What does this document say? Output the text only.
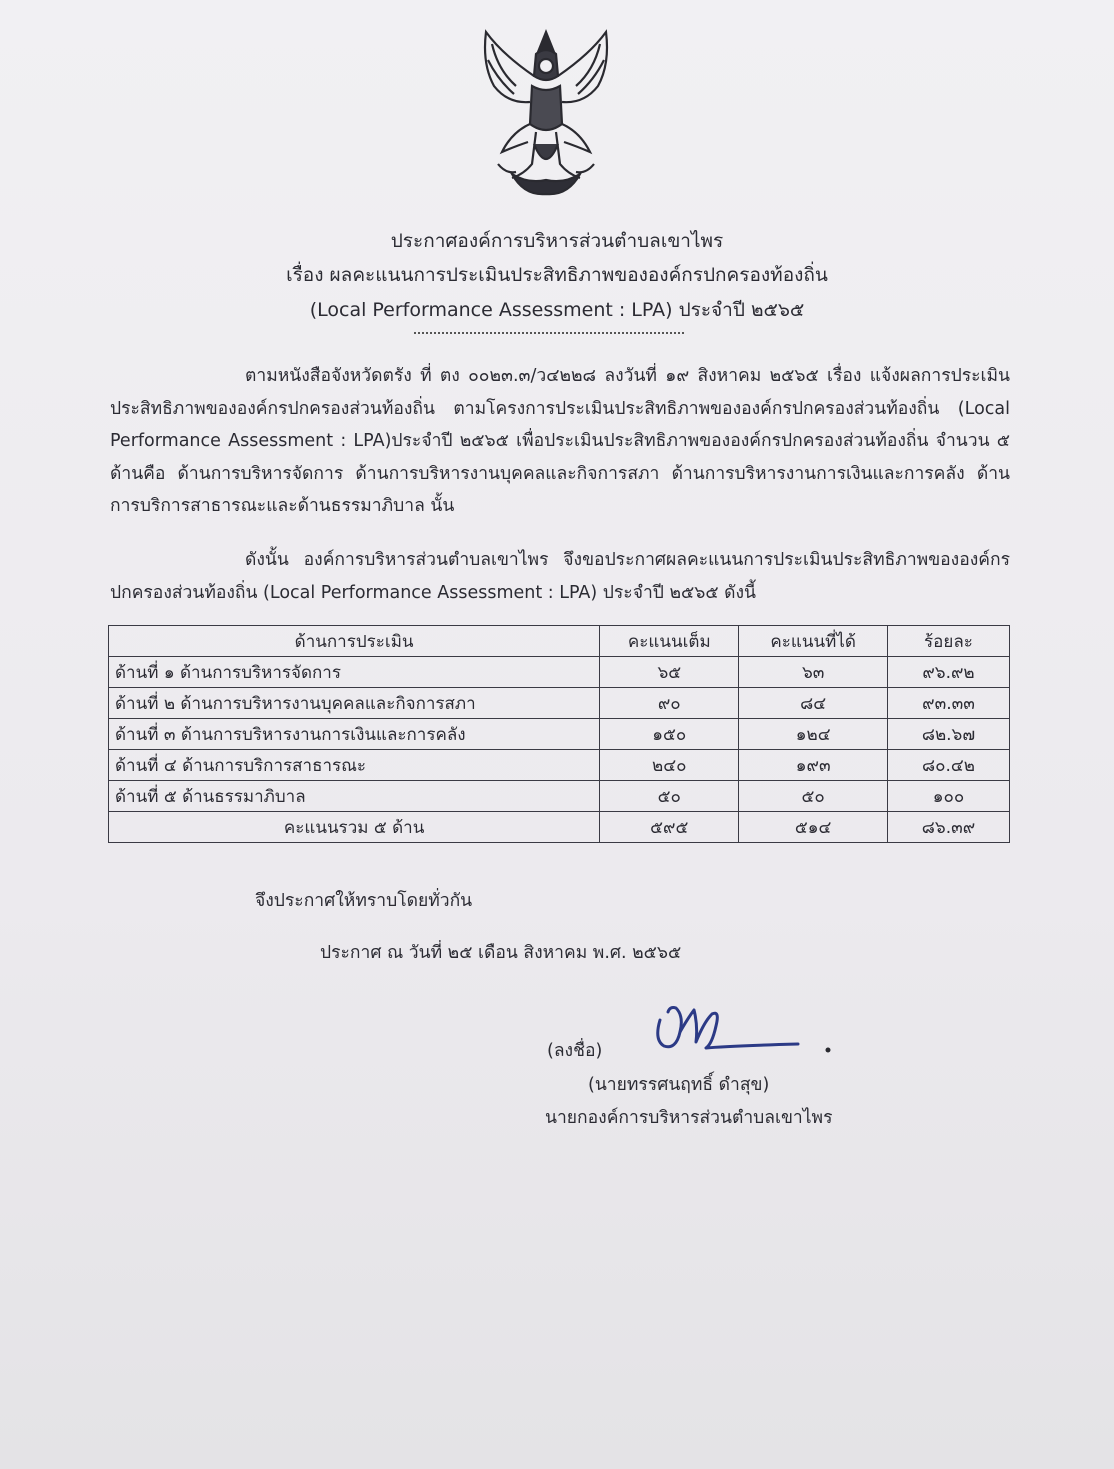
ประกาศองค์การบริหารส่วนตำบลเขาไพร
เรื่อง ผลคะแนนการประเมินประสิทธิภาพขององค์กรปกครองท้องถิ่น
(Local Performance Assessment : LPA) ประจำปี ๒๕๖๕
ตามหนังสือจังหวัดตรัง ที่ ตง ๐๐๒๓.๓/ว๔๒๒๘ ลงวันที่ ๑๙ สิงหาคม ๒๕๖๕ เรื่อง แจ้งผลการประเมินประสิทธิภาพขององค์กรปกครองส่วนท้องถิ่น ตามโครงการประเมินประสิทธิภาพขององค์กรปกครองส่วนท้องถิ่น (Local Performance Assessment : LPA)ประจำปี ๒๕๖๕ เพื่อประเมินประสิทธิภาพขององค์กรปกครองส่วนท้องถิ่น จำนวน ๕ ด้านคือ ด้านการบริหารจัดการ ด้านการบริหารงานบุคคลและกิจการสภา ด้านการบริหารงานการเงินและการคลัง ด้านการบริการสาธารณะและด้านธรรมาภิบาล นั้น
ดังนั้น องค์การบริหารส่วนตำบลเขาไพร จึงขอประกาศผลคะแนนการประเมินประสิทธิภาพขององค์กรปกครองส่วนท้องถิ่น (Local Performance Assessment : LPA) ประจำปี ๒๕๖๕ ดังนี้
ด้านการประเมิน	คะแนนเต็ม	คะแนนที่ได้	ร้อยละ
ด้านที่ ๑ ด้านการบริหารจัดการ	๖๕	๖๓	๙๖.๙๒
ด้านที่ ๒ ด้านการบริหารงานบุคคลและกิจการสภา	๙๐	๘๔	๙๓.๓๓
ด้านที่ ๓ ด้านการบริหารงานการเงินและการคลัง	๑๕๐	๑๒๔	๘๒.๖๗
ด้านที่ ๔ ด้านการบริการสาธารณะ	๒๔๐	๑๙๓	๘๐.๔๒
ด้านที่ ๕ ด้านธรรมาภิบาล	๕๐	๕๐	๑๐๐
คะแนนรวม ๕ ด้าน	๕๙๕	๕๑๔	๘๖.๓๙
จึงประกาศให้ทราบโดยทั่วกัน
ประกาศ ณ วันที่ ๒๕ เดือน สิงหาคม พ.ศ. ๒๕๖๕
(ลงชื่อ)
(นายทรรศนฤทธิ์ ดำสุข)
นายกองค์การบริหารส่วนตำบลเขาไพร
